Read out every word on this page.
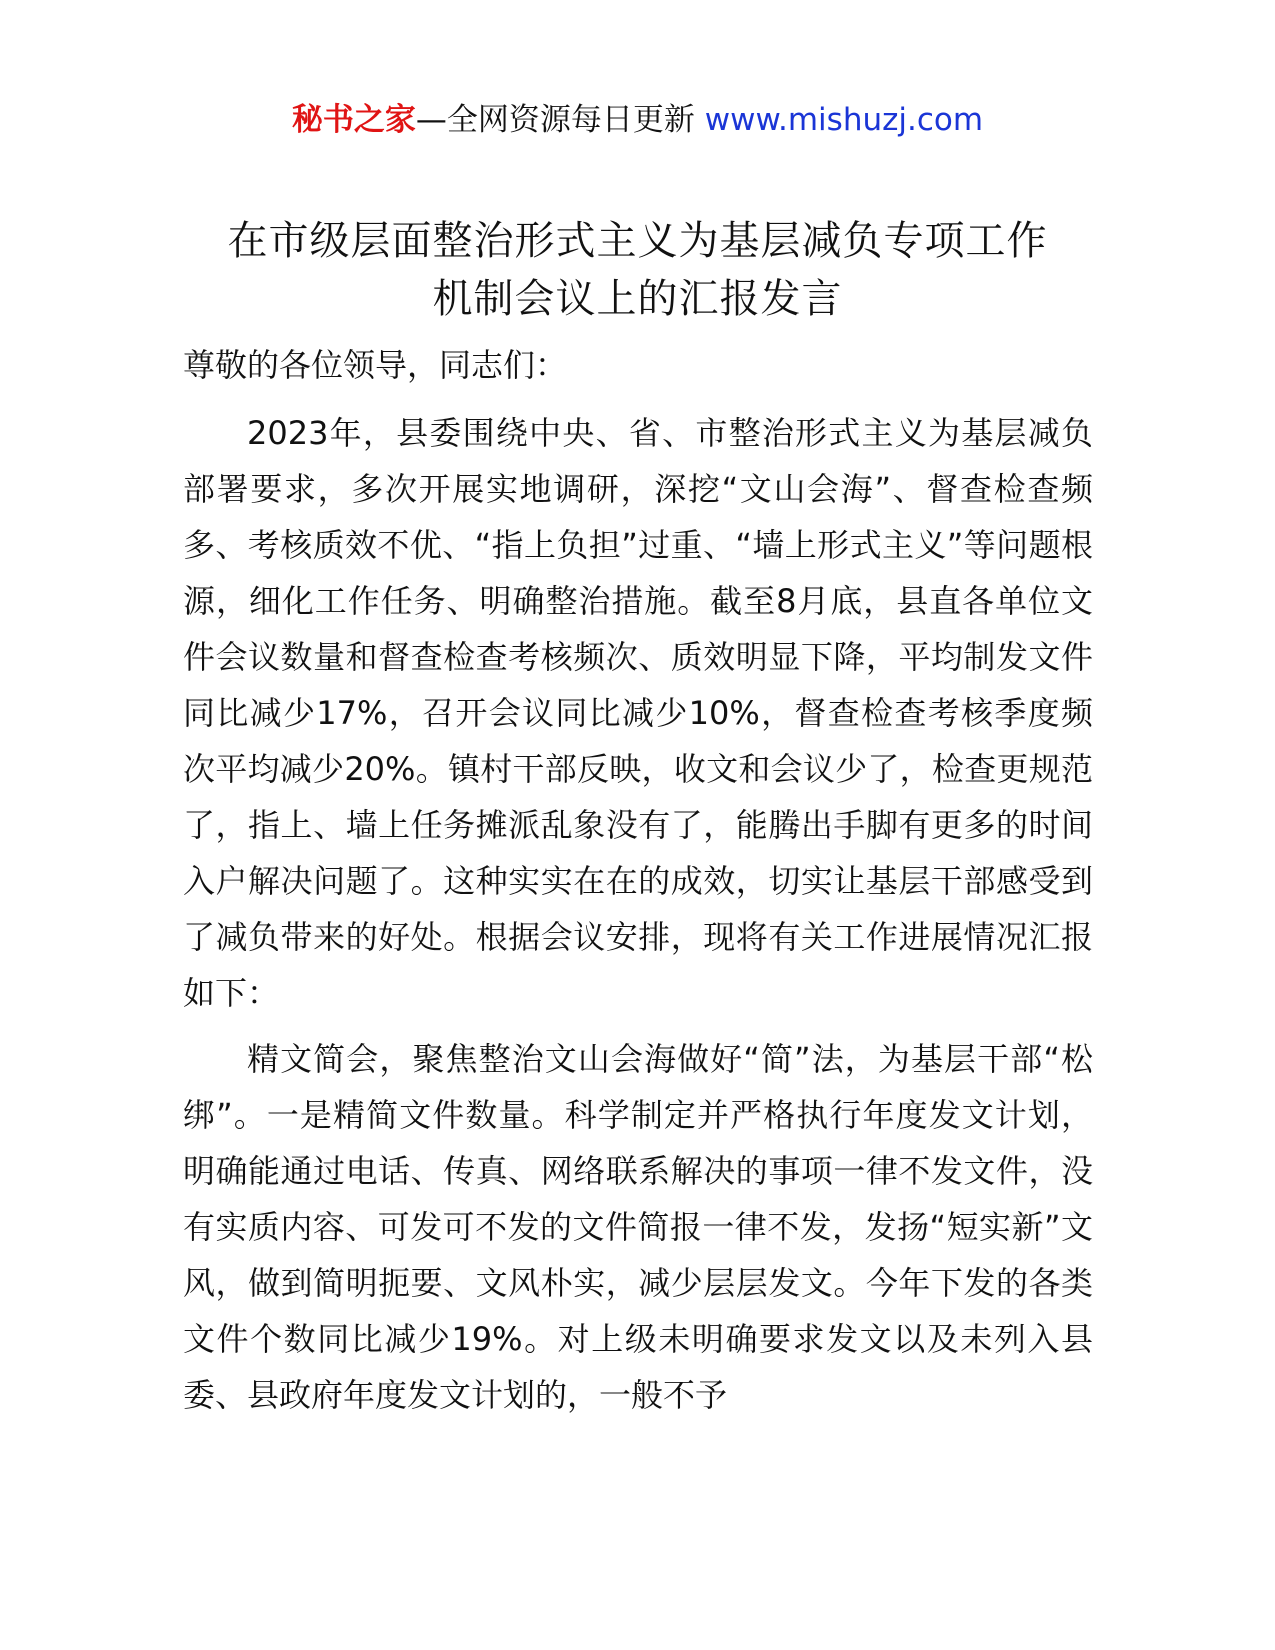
秘书之家—全网资源每日更新 www.mishuzj.com
在市级层面整治形式主义为基层减负专项工作
机制会议上的汇报发言

尊敬的各位领导，同志们：

2023年，县委围绕中央、省、市整治形式主义为基层减负部署要求，多次开展实地调研，深挖“文山会海”、督查检查频多、考核质效不优、“指上负担”过重、“墙上形式主义”等问题根源，细化工作任务、明确整治措施。截至8月底，县直各单位文件会议数量和督查检查考核频次、质效明显下降，平均制发文件同比减少17%，召开会议同比减少10%，督查检查考核季度频次平均减少20%。镇村干部反映，收文和会议少了，检查更规范了，指上、墙上任务摊派乱象没有了，能腾出手脚有更多的时间入户解决问题了。这种实实在在的成效，切实让基层干部感受到了减负带来的好处。根据会议安排，现将有关工作进展情况汇报如下：

精文简会，聚焦整治文山会海做好“简”法，为基层干部“松绑”。一是精简文件数量。科学制定并严格执行年度发文计划，明确能通过电话、传真、网络联系解决的事项一律不发文件，没有实质内容、可发可不发的文件简报一律不发，发扬“短实新”文风，做到简明扼要、文风朴实，减少层层发文。今年下发的各类文件个数同比减少19%。对上级未明确要求发文以及未列入县委、县政府年度发文计划的，一般不予
